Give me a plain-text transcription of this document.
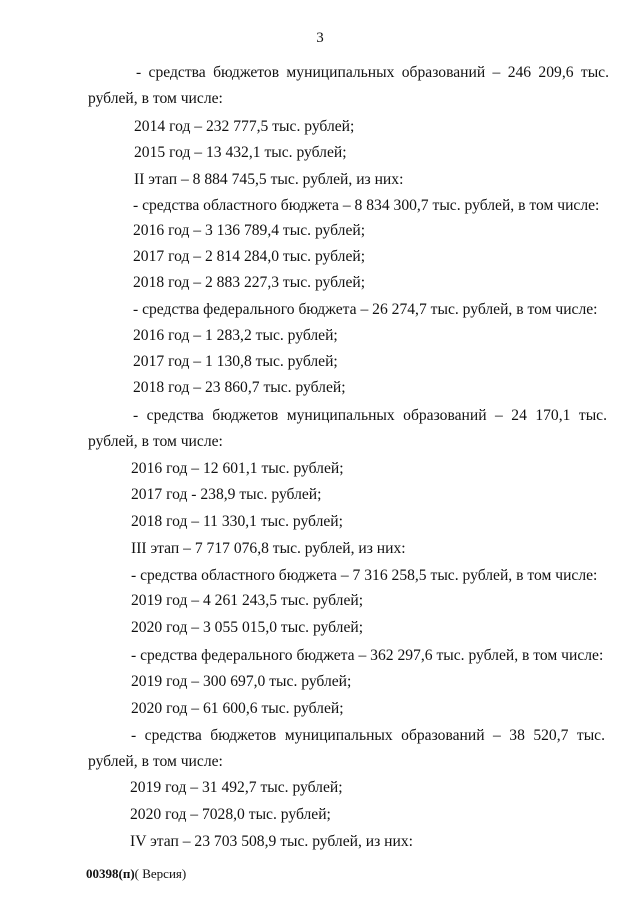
3
- средства бюджетов муниципальных образований – 246 209,6 тыс.
рублей, в том числе:
2014 год – 232 777,5 тыс. рублей;
2015 год – 13 432,1 тыс. рублей;
II этап – 8 884 745,5 тыс. рублей, из них:
- средства областного бюджета – 8 834 300,7 тыс. рублей, в том числе:
2016 год – 3 136 789,4 тыс. рублей;
2017 год – 2 814 284,0 тыс. рублей;
2018 год – 2 883 227,3 тыс. рублей;
- средства федерального бюджета – 26 274,7 тыс. рублей, в том числе:
2016 год – 1 283,2 тыс. рублей;
2017 год – 1 130,8 тыс. рублей;
2018 год – 23 860,7 тыс. рублей;
- средства бюджетов муниципальных образований – 24 170,1 тыс.
рублей, в том числе:
2016 год – 12 601,1 тыс. рублей;
2017 год - 238,9 тыс. рублей;
2018 год – 11 330,1 тыс. рублей;
III этап – 7 717 076,8 тыс. рублей, из них:
- средства областного бюджета – 7 316 258,5 тыс. рублей, в том числе:
2019 год – 4 261 243,5 тыс. рублей;
2020 год – 3 055 015,0 тыс. рублей;
- средства федерального бюджета – 362 297,6 тыс. рублей, в том числе:
2019 год – 300 697,0 тыс. рублей;
2020 год – 61 600,6 тыс. рублей;
- средства бюджетов муниципальных образований – 38 520,7 тыс.
рублей, в том числе:
2019 год – 31 492,7 тыс. рублей;
2020 год – 7028,0 тыс. рублей;
IV этап – 23 703 508,9 тыс. рублей, из них:
00398(п)( Версия)
